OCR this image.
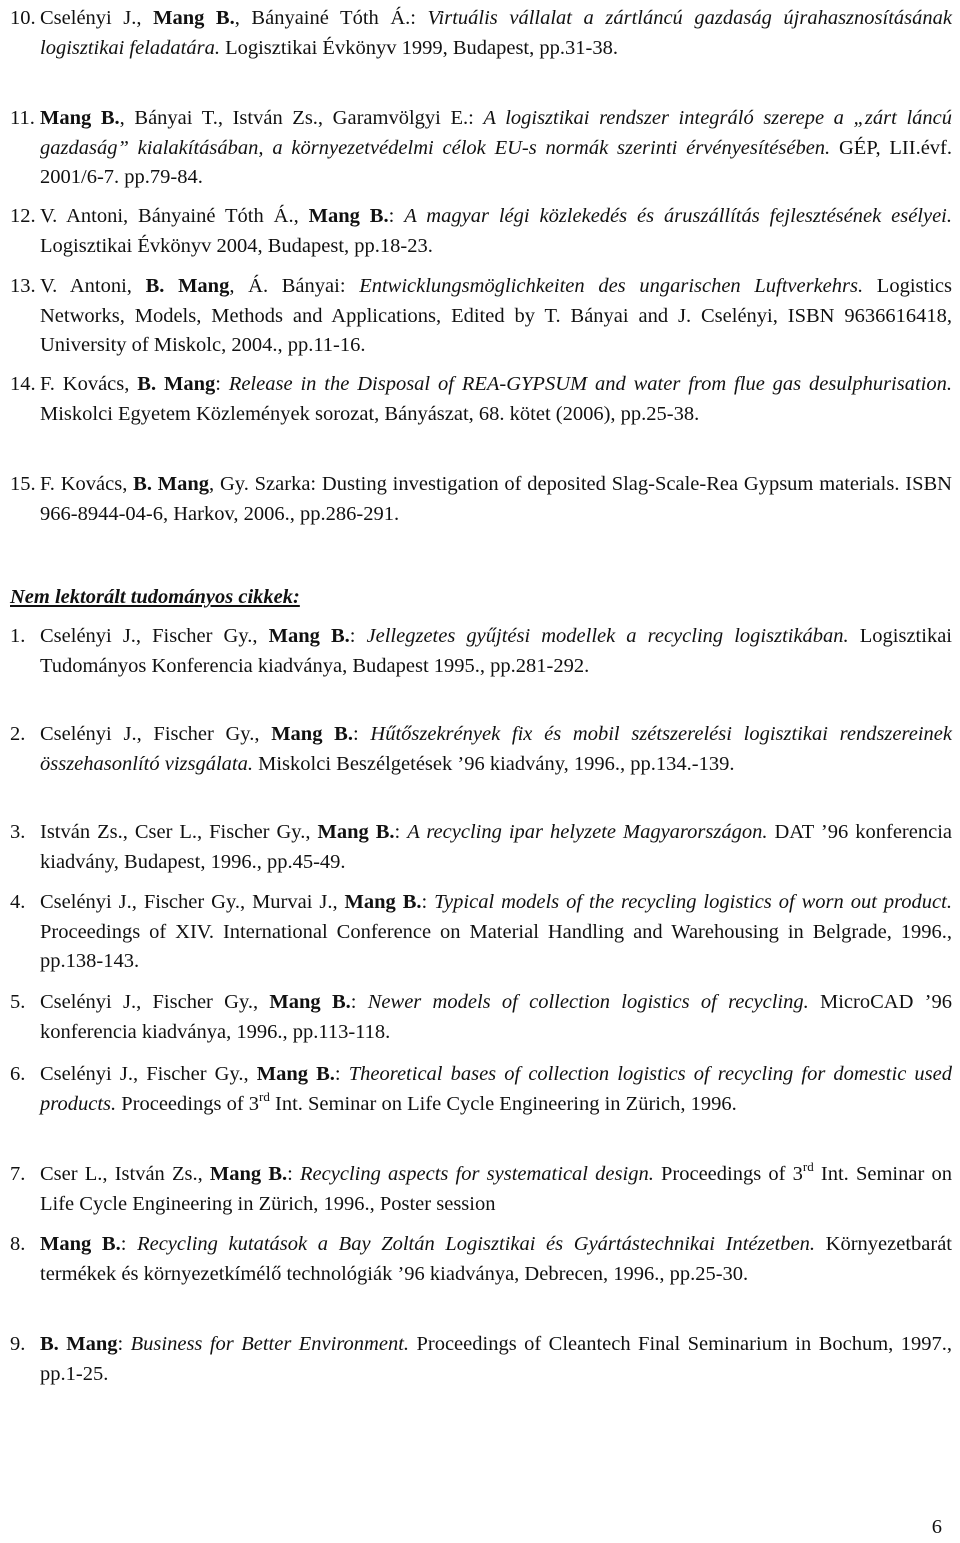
10. Cselényi J., Mang B., Bányainé Tóth Á.: Virtuális vállalat a zártláncú gazdaság újrahasznosításának logisztikai feladatára. Logisztikai Évkönyv 1999, Budapest, pp.31-38.
11. Mang B., Bányai T., István Zs., Garamvölgyi E.: A logisztikai rendszer integráló szerepe a „zárt láncú gazdaság” kialakításában, a környezetvédelmi célok EU-s normák szerinti érvényesítésében. GÉP, LII.évf. 2001/6-7. pp.79-84.
12. V. Antoni, Bányainé Tóth Á., Mang B.: A magyar légi közlekedés és áruszállítás fejlesztésének esélyei. Logisztikai Évkönyv 2004, Budapest, pp.18-23.
13. V. Antoni, B. Mang, Á. Bányai: Entwicklungsmöglichkeiten des ungarischen Luftverkehrs. Logistics Networks, Models, Methods and Applications, Edited by T. Bányai and J. Cselényi, ISBN 9636616418, University of Miskolc, 2004., pp.11-16.
14. F. Kovács, B. Mang: Release in the Disposal of REA-GYPSUM and water from flue gas desulphurisation. Miskolci Egyetem Közlemények sorozat, Bányászat, 68. kötet (2006), pp.25-38.
15. F. Kovács, B. Mang, Gy. Szarka: Dusting investigation of deposited Slag-Scale-Rea Gypsum materials. ISBN 966-8944-04-6, Harkov, 2006., pp.286-291.
Nem lektorált tudományos cikkek:
1. Cselényi J., Fischer Gy., Mang B.: Jellegzetes gyűjtési modellek a recycling logisztikában. Logisztikai Tudományos Konferencia kiadványa, Budapest 1995., pp.281-292.
2. Cselényi J., Fischer Gy., Mang B.: Hűtőszekrények fix és mobil szétszerelési logisztikai rendszereinek összehasonlító vizsgálata. Miskolci Beszélgetések ’96 kiadvány, 1996., pp.134.-139.
3. István Zs., Cser L., Fischer Gy., Mang B.: A recycling ipar helyzete Magyarországon. DAT ’96 konferencia kiadvány, Budapest, 1996., pp.45-49.
4. Cselényi J., Fischer Gy., Murvai J., Mang B.: Typical models of the recycling logistics of worn out product. Proceedings of XIV. International Conference on Material Handling and Warehousing in Belgrade, 1996., pp.138-143.
5. Cselényi J., Fischer Gy., Mang B.: Newer models of collection logistics of recycling. MicroCAD ’96 konferencia kiadványa, 1996., pp.113-118.
6. Cselényi J., Fischer Gy., Mang B.: Theoretical bases of collection logistics of recycling for domestic used products. Proceedings of 3rd Int. Seminar on Life Cycle Engineering in Zürich, 1996.
7. Cser L., István Zs., Mang B.: Recycling aspects for systematical design. Proceedings of 3rd Int. Seminar on Life Cycle Engineering in Zürich, 1996., Poster session
8. Mang B.: Recycling kutatások a Bay Zoltán Logisztikai és Gyártástechnikai Intézetben. Környezetbarát termékek és környezetkímélő technológiák ’96 kiadványa, Debrecen, 1996., pp.25-30.
9. B. Mang: Business for Better Environment. Proceedings of Cleantech Final Seminarium in Bochum, 1997., pp.1-25.
6
